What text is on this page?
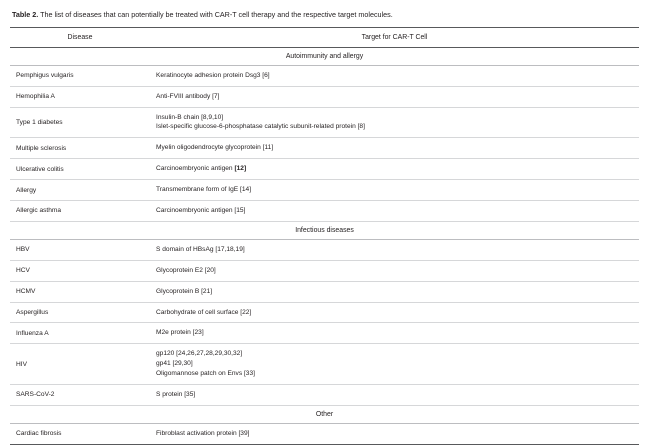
Table 2. The list of diseases that can potentially be treated with CAR-T cell therapy and the respective target molecules.
Disease	Target for CAR-T Cell
Autoimmunity and allergy	
Pemphigus vulgaris	Keratinocyte adhesion protein Dsg3 [6]

Hemophilia A	Anti-FVIII antibody [7]

Type 1 diabetes	Insulin-B chain [8,9,10]
Islet-specific glucose-6-phosphatase catalytic subunit-related protein [8]

Multiple sclerosis	Myelin oligodendrocyte glycoprotein [11]

Ulcerative colitis	Carcinoembryonic antigen [12]

Allergy	Transmembrane form of IgE [14]

Allergic asthma	Carcinoembryonic antigen [15]

Infectious diseases	
HBV	S domain of HBsAg [17,18,19]

HCV	Glycoprotein E2 [20]

HCMV	Glycoprotein B [21]

Aspergillus	Carbohydrate of cell surface [22]

Influenza A	M2e protein [23]

HIV	gp120 [24,26,27,28,29,30,32]
gp41 [29,30]
Oligomannose patch on Envs [33]

SARS-CoV-2	S protein [35]

Other	
Cardiac fibrosis	Fibroblast activation protein [39]
